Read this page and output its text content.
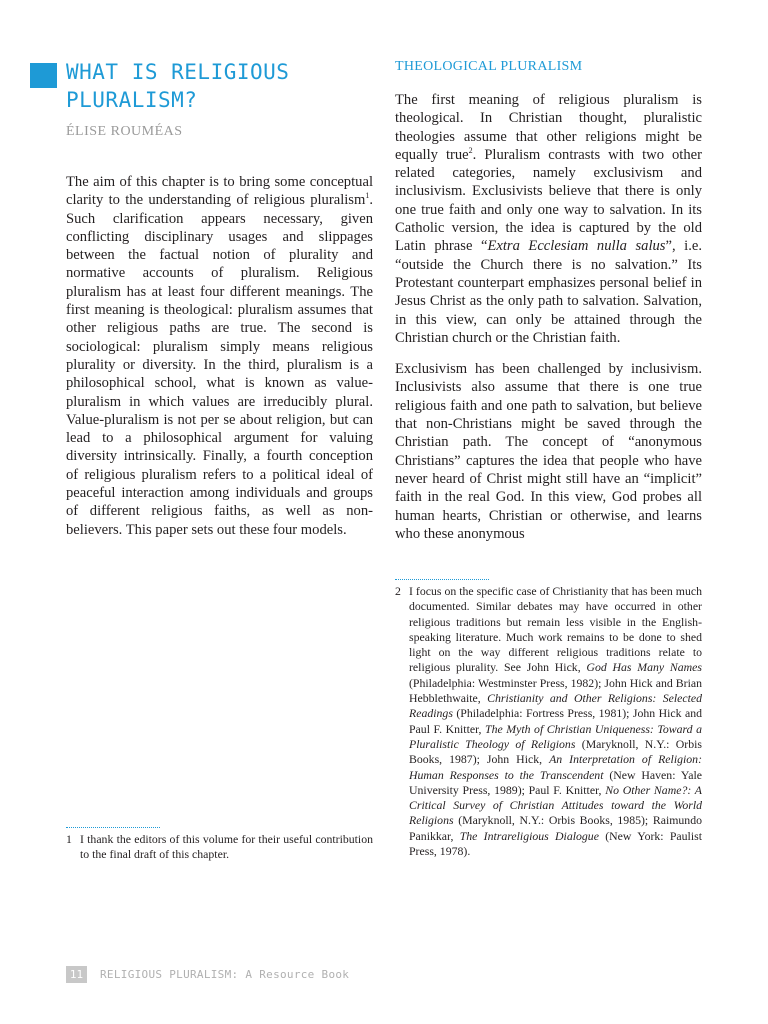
WHAT IS RELIGIOUS PLURALISM?
ÉLISE ROUMÉAS

The aim of this chapter is to bring some conceptual clarity to the understanding of religious pluralism$^1$. Such clarification appears necessary, given conflicting disciplinary usages and slippages between the factual notion of plurality and normative accounts of pluralism. Religious pluralism has at least four different meanings. The first meaning is theological: pluralism assumes that other religious paths are true. The second is sociological: pluralism simply means religious plurality or diversity. In the third, pluralism is a philosophical school, what is known as value-pluralism in which values are irreducibly plural. Value-pluralism is not per se about religion, but can lead to a philosophical argument for valuing diversity intrinsically. Finally, a fourth conception of religious pluralism refers to a political ideal of peaceful interaction among individuals and groups of different religious faiths, as well as non-believers. This paper sets out these four models.

THEOLOGICAL PLURALISM

The first meaning of religious pluralism is theological. In Christian thought, pluralistic theologies assume that other religions might be equally true$^2$. Pluralism contrasts with two other related categories, namely exclusivism and inclusivism. Exclusivists believe that there is only one true faith and only one way to salvation. In its Catholic version, the idea is captured by the old Latin phrase “Extra Ecclesiam nulla salus”, i.e. “outside the Church there is no salvation.” Its Protestant counterpart emphasizes personal belief in Jesus Christ as the only path to salvation. Salvation, in this view, can only be attained through the Christian church or the Christian faith.

Exclusivism has been challenged by inclusivism. Inclusivists also assume that there is one true religious faith and one path to salvation, but believe that non-Christians might be saved through the Christian path. The concept of “anonymous Christians” captures the idea that people who have never heard of Christ might still have an “implicit” faith in the real God. In this view, God probes all human hearts, Christian or otherwise, and learns who these anonymous

1 I thank the editors of this volume for their useful contribution to the final draft of this chapter.
2 I focus on the specific case of Christianity that has been much documented. Similar debates may have occurred in other religious traditions but remain less visible in the English-speaking literature. Much work remains to be done to shed light on the way different religious traditions relate to religious plurality. See John Hick, God Has Many Names (Philadelphia: Westminster Press, 1982); John Hick and Brian Hebblethwaite, Christianity and Other Religions: Selected Readings (Philadelphia: Fortress Press, 1981); John Hick and Paul F. Knitter, The Myth of Christian Uniqueness: Toward a Pluralistic Theology of Religions (Maryknoll, N.Y.: Orbis Books, 1987); John Hick, An Interpretation of Religion: Human Responses to the Transcendent (New Haven: Yale University Press, 1989); Paul F. Knitter, No Other Name?: A Critical Survey of Christian Attitudes toward the World Religions (Maryknoll, N.Y.: Orbis Books, 1985); Raimundo Panikkar, The Intrareligious Dialogue (New York: Paulist Press, 1978).
11	RELIGIOUS PLURALISM: A Resource Book
